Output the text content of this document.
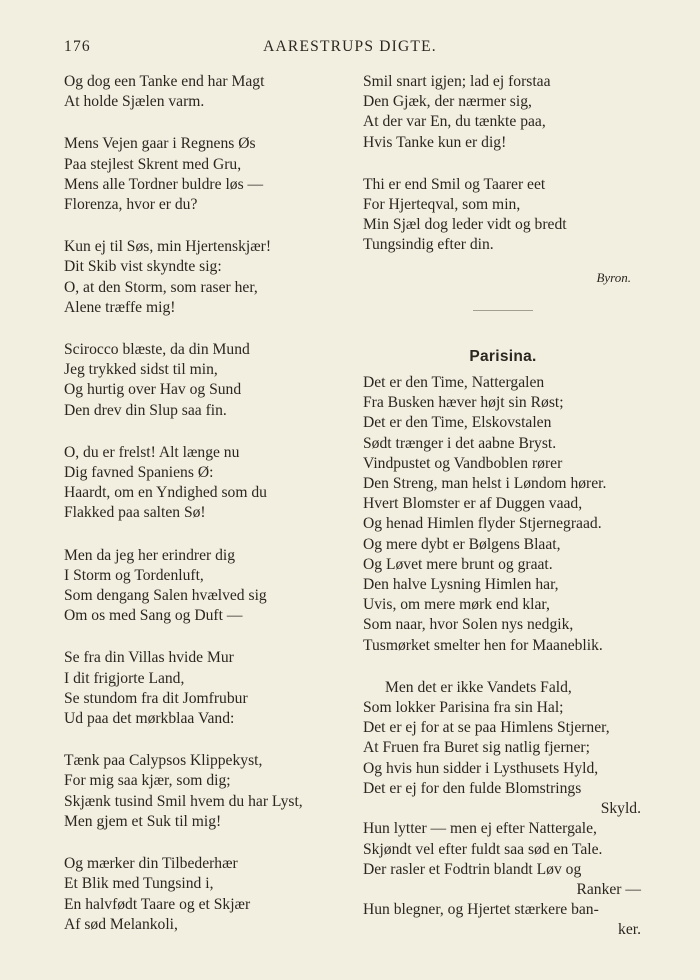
176	AARESTRUPS DIGTE.
Og dog een Tanke end har Magt
At holde Sjælen varm.
Mens Vejen gaar i Regnens Øs
Paa stejlest Skrent med Gru,
Mens alle Tordner buldre løs —
Florenza, hvor er du?
Kun ej til Søs, min Hjertenskjær!
Dit Skib vist skyndte sig:
O, at den Storm, som raser her,
Alene træffe mig!
Scirocco blæste, da din Mund
Jeg trykked sidst til min,
Og hurtig over Hav og Sund
Den drev din Slup saa fin.
O, du er frelst! Alt længe nu
Dig favned Spaniens Ø:
Haardt, om en Yndighed som du
Flakked paa salten Sø!
Men da jeg her erindrer dig
I Storm og Tordenluft,
Som dengang Salen hvælved sig
Om os med Sang og Duft —
Se fra din Villas hvide Mur
I dit frigjorte Land,
Se stundom fra dit Jomfrubur
Ud paa det mørkblaa Vand:
Tænk paa Calypsos Klippekyst,
For mig saa kjær, som dig;
Skjænk tusind Smil hvem du har Lyst,
Men gjem et Suk til mig!
Og mærker din Tilbederhær
Et Blik med Tungsind i,
En halvfødt Taare og et Skjær
Af sød Melankoli,
Smil snart igjen; lad ej forstaa
Den Gjæk, der nærmer sig,
At der var En, du tænkte paa,
Hvis Tanke kun er dig!
Thi er end Smil og Taarer eet
For Hjerteqval, som min,
Min Sjæl dog leder vidt og bredt
Tungsindig efter din.
Byron.
Parisina.
Det er den Time, Nattergalen
Fra Busken hæver højt sin Røst;
Det er den Time, Elskovstalen
Sødt trænger i det aabne Bryst.
Vindpustet og Vandboblen rører
Den Streng, man helst i Løndom hører.
Hvert Blomster er af Duggen vaad,
Og henad Himlen flyder Stjernegraad.
Og mere dybt er Bølgens Blaat,
Og Løvet mere brunt og graat.
Den halve Lysning Himlen har,
Uvis, om mere mørk end klar,
Som naar, hvor Solen nys nedgik,
Tusmørket smelter hen for Maaneblik.
Men det er ikke Vandets Fald,
Som lokker Parisina fra sin Hal;
Det er ej for at se paa Himlens Stjerner,
At Fruen fra Buret sig natlig fjerner;
Og hvis hun sidder i Lysthusets Hyld,
Det er ej for den fulde Blomstrings
Skyld.
Hun lytter — men ej efter Nattergale,
Skjøndt vel efter fuldt saa sød en Tale.
Der rasler et Fodtrin blandt Løv og
Ranker —
Hun blegner, og Hjertet stærkere ban-
ker.
